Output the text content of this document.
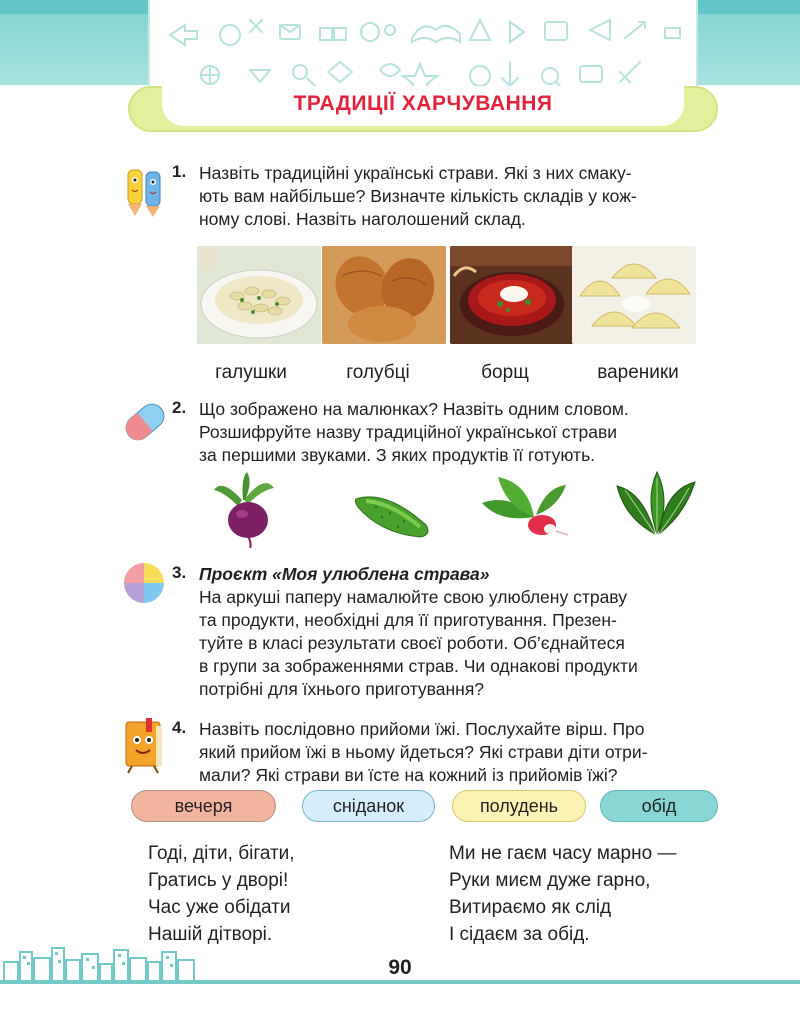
ТРАДИЦІЇ ХАРЧУВАННЯ
1. Назвіть традиційні українські страви. Які з них смаку-

ють вам найбільше? Визначте кількість складів у кож-

ному слові. Назвіть наголошений склад.

галушки	голубці	борщ	вареники
2. Що зображено на малюнках? Назвіть одним словом.

Розшифруйте назву традиційної української страви

за першими звуками. З яких продуктів її готують.

3. Проєкт «Моя улюблена страва»

На аркуші паперу намалюйте свою улюблену страву

та продукти, необхідні для її приготування. Презен-

туйте в класі результати своєї роботи. Об’єднайтеся

в групи за зображеннями страв. Чи однакові продукти

потрібні для їхнього приготування?

4. Назвіть послідовно прийоми їжі. Послухайте вірш. Про

який прийом їжі в ньому йдеться? Які страви діти отри-

мали? Які страви ви їсте на кожний із прийомів їжі?

вечеря	сніданок	полудень	обід

Годі, діти, бігати,

Гратись у дворі!

Час уже обідати

Нашій дітворі.

Ми не гаєм часу марно —

Руки миєм дуже гарно,

Витираємо як слід

І сідаєм за обід.

90
